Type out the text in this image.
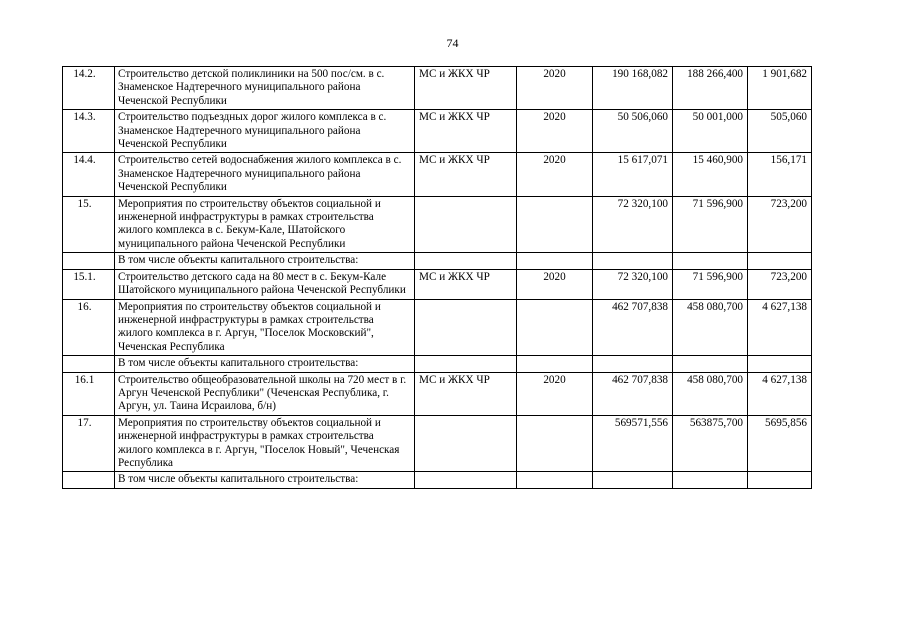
74
14.2.	Строительство детской поликлиники на 500 пос/см. в с. Знаменское Надтеречного муниципального района Чеченской Республики	МС и ЖКХ ЧР	2020	190 168,082	188 266,400	1 901,682
14.3.	Строительство подъездных дорог жилого комплекса в с. Знаменское Надтеречного муниципального района Чеченской Республики	МС и ЖКХ ЧР	2020	50 506,060	50 001,000	505,060
14.4.	Строительство сетей водоснабжения жилого комплекса в с. Знаменское Надтеречного муниципального района Чеченской Республики	МС и ЖКХ ЧР	2020	15 617,071	15 460,900	156,171
15.	Мероприятия по строительству объектов социальной и инженерной инфраструктуры в рамках строительства жилого комплекса в с. Бекум-Кале, Шатойского муниципального района Чеченской Республики			72 320,100	71 596,900	723,200
	В том числе объекты капитального строительства:					
15.1.	Строительство детского сада на 80 мест в с. Бекум-Кале Шатойского муниципального района Чеченской Республики	МС и ЖКХ ЧР	2020	72 320,100	71 596,900	723,200
16.	Мероприятия по строительству объектов социальной и инженерной инфраструктуры в рамках строительства жилого комплекса в г. Аргун, "Поселок Московский", Чеченская Республика			462 707,838	458 080,700	4 627,138
	В том числе объекты капитального строительства:					
16.1	Строительство общеобразовательной школы на 720 мест в г. Аргун Чеченской Республики" (Чеченская Республика, г. Аргун, ул. Таина Исраилова, б/н)	МС и ЖКХ ЧР	2020	462 707,838	458 080,700	4 627,138
17.	Мероприятия по строительству объектов социальной и инженерной инфраструктуры в рамках строительства жилого комплекса в г. Аргун, "Поселок Новый", Чеченская Республика			569571,556	563875,700	5695,856
	В том числе объекты капитального строительства:					
